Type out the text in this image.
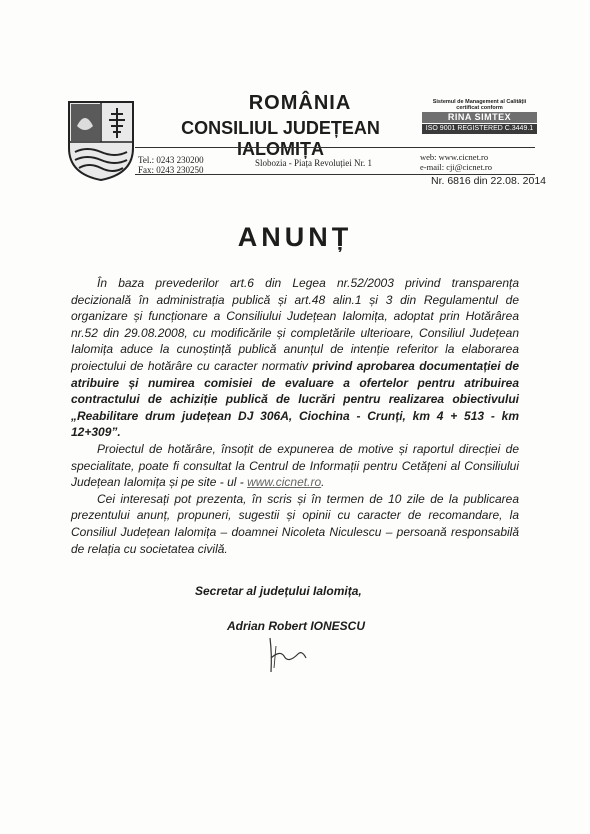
ROMÂNIA
CONSILIUL JUDEȚEAN IALOMIȚA
Sistemul de Management al Calității
certificat conform
RINA SIMTEX
ISO 9001 REGISTERED C.3449.1
Tel.: 0243 230200
Fax: 0243 230250
Slobozia - Piața Revoluției Nr. 1
web: www.cicnet.ro
e-mail: cji@cicnet.ro
Nr. 6816 din 22.08. 2014
ANUNȚ

În baza prevederilor art.6 din Legea nr.52/2003 privind transparența decizională în administrația publică și art.48 alin.1 și 3 din Regulamentul de organizare și funcționare a Consiliului Județean Ialomița, adoptat prin Hotărârea nr.52 din 29.08.2008, cu modificările și completările ulterioare, Consiliul Județean Ialomița aduce la cunoștință publică anunțul de intenție referitor la elaborarea proiectului de hotărâre cu caracter normativ privind aprobarea documentației de atribuire și numirea comisiei de evaluare a ofertelor pentru atribuirea contractului de achiziție publică de lucrări pentru realizarea obiectivului „Reabilitare drum județean DJ 306A, Ciochina - Crunți, km 4 + 513 - km 12+309”.

Proiectul de hotărâre, însoțit de expunerea de motive și raportul direcției de specialitate, poate fi consultat la Centrul de Informații pentru Cetățeni al Consiliului Județean Ialomița și pe site - ul - www.cicnet.ro.

Cei interesați pot prezenta, în scris și în termen de 10 zile de la publicarea prezentului anunț, propuneri, sugestii și opinii cu caracter de recomandare, la Consiliul Județean Ialomița – doamnei Nicoleta Niculescu – persoană responsabilă de relația cu societatea civilă.

Secretar al județului Ialomița,
Adrian Robert IONESCU
